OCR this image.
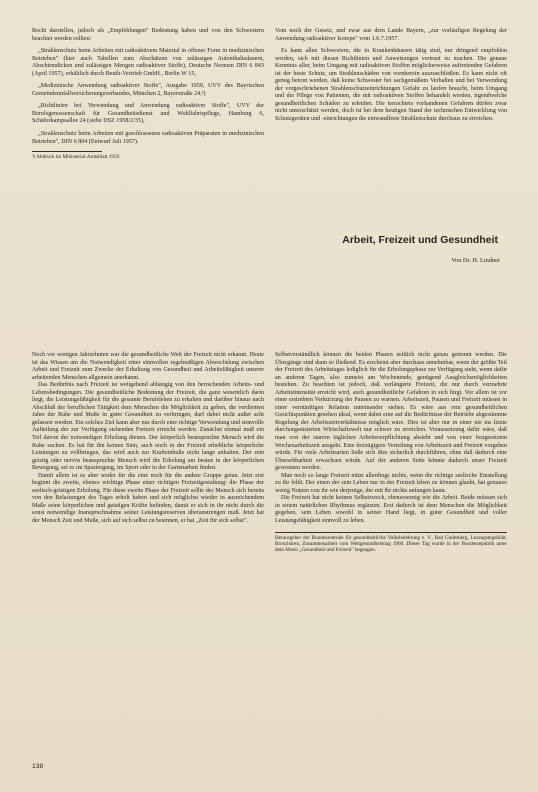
Recht darstellen, jedoch als „Empfehlungen" Bedeutung haben und von den Schwestern beachtet werden sollten:

„Strahlenschutz beim Arbeiten mit radioaktivem Material in offener Form in medizinischen Betrieben" (hier auch Tabellen zum Abschätzen von zulässigen Aufenthaltsdauern, Abschirmdicken und zulässigen Mengen radioaktiver Stoffe), Deutsche Normen DIN 6 843 (April 1957), erhältlich durch Beuth-Vertrieb GmbH., Berlin W 15,

„Medizinische Anwendung radioaktiver Stoffe", Ausgabe 1959, UVV des Bayrischen Gemeindeunfallversicherungsverbandes, München 2, Bayerstraße 24,²)

„Richtlinien bei Verwendung und Anwendung radioaktiver Stoffe", UVV der Berufsgenossenschaft für Gesundheitsdienst und Wohlfahrtspflege, Hamburg 6, Schäferkampsallee 24 (siehe DSZ 1958/2/35),

„Strahlenschutz beim Arbeiten mit geschlossenen radioaktiven Präparaten in medizinischen Betrieben", DIN 6 804 (Entwurf Juli 1957).

²) Abdruck im Ministerial-Amtsblatt 1959.

Vom noch der Gesetz, und zwar aus dem Lande Bayern, „zur vorläufigen Regelung der Anwendung radioaktiver Isotope" vom 1.6.7.1957.

Es kann allen Schwestern, die in Krankenhäusern tätig sind, nur dringend empfohlen werden, sich mit diesen Richtlinien und Anweisungen vertraut zu machen. Die genaue Kenntnis aller, beim Umgang mit radioaktiven Stoffen möglicherweise auftretenden Gefahren ist der beste Schutz, um Strahlenschäden von vornherein auszuschließen. Es kann nicht oft genug betont werden, daß keine Schwester bei sachgemäßem Verhalten und bei Verwendung der vorgeschriebenen Strahlenschutzeinrichtungen Gefahr zu laufen braucht, beim Umgang und der Pflege von Patienten, die mit radioaktiven Stoffen behandelt werden, irgendwelche gesundheitlichen Schäden zu erleiden. Die terrachtets vorhandenen Gefahren dürfen zwar nicht unterschätzt werden, doch ist bei dem heutigen Stand der technischen Entwicklung von Schutzgeräten und -einrichtungen die einwandfreie Strahlenschutz durchaus zu erreichen.

Arbeit, Freizeit und Gesundheit
Von Dr. H. Lindner

Noch vor wenigen Jahrzehnten war die gesundheitliche Welt der Freizeit nicht erkannt. Heute ist das Wissen um die Notwendigkeit einer sinnvollen regelmäßigen Abwechslung zwischen Arbeit und Freizeit zum Zwecke der Erhaltung von Gesundheit und Arbeitsfähigkeit unserer arbeitenden Menschen allgemein anerkannt.

Das Bedürfnis nach Freizeit ist weitgehend abhängig von den herrschenden Arbeits- und Lebensbedingungen. Die gesundheitliche Bedeutung der Freizeit, die ganz wesentlich darin liegt, die Leistungsfähigkeit für die gesamte Berufsleben zu erhalten und darüber hinaus nach Abschluß der beruflichen Tätigkeit dem Menschen die Möglichkeit zu geben, die verdienten Jahre der Ruhe und Muße in guter Gesundheit zu verbringen, darf dabei nicht außer acht gelassen werden. Ein solches Ziel kann aber nur durch eine richtige Verwendung und sinnvolle Aufteilung der zur Verfügung stehenden Freizeit erreicht werden. Zunächst einmal muß ein Teil davon der notwendigen Erholung dienen. Der körperlich beanspruchte Mensch wird die Ruhe suchen. Es hat für ihn keinen Sinn, auch noch in der Freizeit erhebliche körperliche Leistungen zu vollbringen, das wird auch zur Krafteinbuße nicht lange anhalten. Der rein geistig oder nervös beanspruchte Mensch wird die Erholung am besten in der körperlichen Bewegung, sei es im Spaziergang, im Sport oder in der Gartenarbeit finden.

Damit allein ist es aber weder für die eine noch für die andere Gruppe getan. Jetzt erst beginnt die zweite, ebenso wichtige Phase einer richtigen Freizeitgestaltung: die Phase der seelisch-geistigen Erholung. Für diese zweite Phase der Freizeit sollte der Mensch sich bereits von den Belastungen des Tages erholt haben und sich möglichst wieder in ausreichendem Maße seine körperlichen und geistigen Kräfte befinden, damit er sich in ihr nicht durch die sonst notwendige Inanspruchnahme seiner Leistungsreserven überanstrengen muß. Jetzt hat der Mensch Zeit und Muße, sich auf sich selbst zu besinnen, er hat „Zeit für sich selbst".

Selbstverständlich können die beiden Phasen zeitlich nicht genau getrennt werden. Die Übergänge sind dann so fließend. Es erscheint aber durchaus annehmbar, wenn der größte Teil der Freizeit des Arbeitstages lediglich für die Erholungsphase zur Verfügung steht, wenn dafür an anderen Tagen, also zumeist am Wochenende, genügend Ausgleichsmöglichkeiten bestehen. Zu beachten ist jedoch, daß verlängerte Freizeit, die nur durch vermehrte Arbeitsintensität erreicht wird, auch gesundheitliche Gefahren in sich birgt. Vor allem ist vor einer erstrebten Verkürzung der Pausen zu warnen. Arbeitszeit, Pausen und Freizeit müssen in einer vernünftigen Relation miteinander stehen. Es wäre aus rein gesundheitlichen Gesichtspunkten gesehen ideal, wenn dabei eine auf die Bedürfnisse der Betriebe abgestimmte Regelung der Arbeitszeitverhältnisse möglich wäre. Dies ist aber nur in einer nie ins letzte durchorganisierten Wirtschaftswelt nur schwer zu erreichen. Voraussetzung dafür wäre, daß man von der starren täglichen Arbeitsverpflichtung absieht und von einer festgesetzten Wochenarbeitszeit ausgeht. Eine freizügigere Verteilung von Arbeitszeit und Freizeit vorgehen würde. Für viele Arbeitsarten ließe sich dies sicherlich durchführen, ohne daß dadurch eine Übersehbarkeit erwachsen würde. Auf der anderen Seite könnte dadurch unser Freizeit gewonnen werden.

Man noch so lange Freizeit nützt allerdings nichts, wenn die richtige seelische Einstellung zu ihr fehlt. Der einen der sein Leben nur in der Freizeit leben zu können glaubt, hat genauso wenig Nutzen von ihr wie derjenige, der mit ihr nichts anfangen kann.

Die Freizeit hat nicht keinen Selbstzweck, ebensowenig wie die Arbeit. Beide müssen sich in einem natürlichen Rhythmus ergänzen. Erst dadurch ist dem Menschen die Möglichkeit gegeben, sein Leben sowohl in seiner Hand liegt, in guter Gesundheit und voller Leistungsfähigkeit sinnvoll zu leben.

Herausgeber der Bundeszentrale für gesundheitliche Volksbelehrung e. V., Bad Godesberg, Lezangstegebühr, Broschüren, Zusammenarbeit vom Weltgesundheitstag 1960. Dieser Tag wurde in der Bundesrepublik unter dem Motto „Gesundheit und Freizeit" begangen.

138
